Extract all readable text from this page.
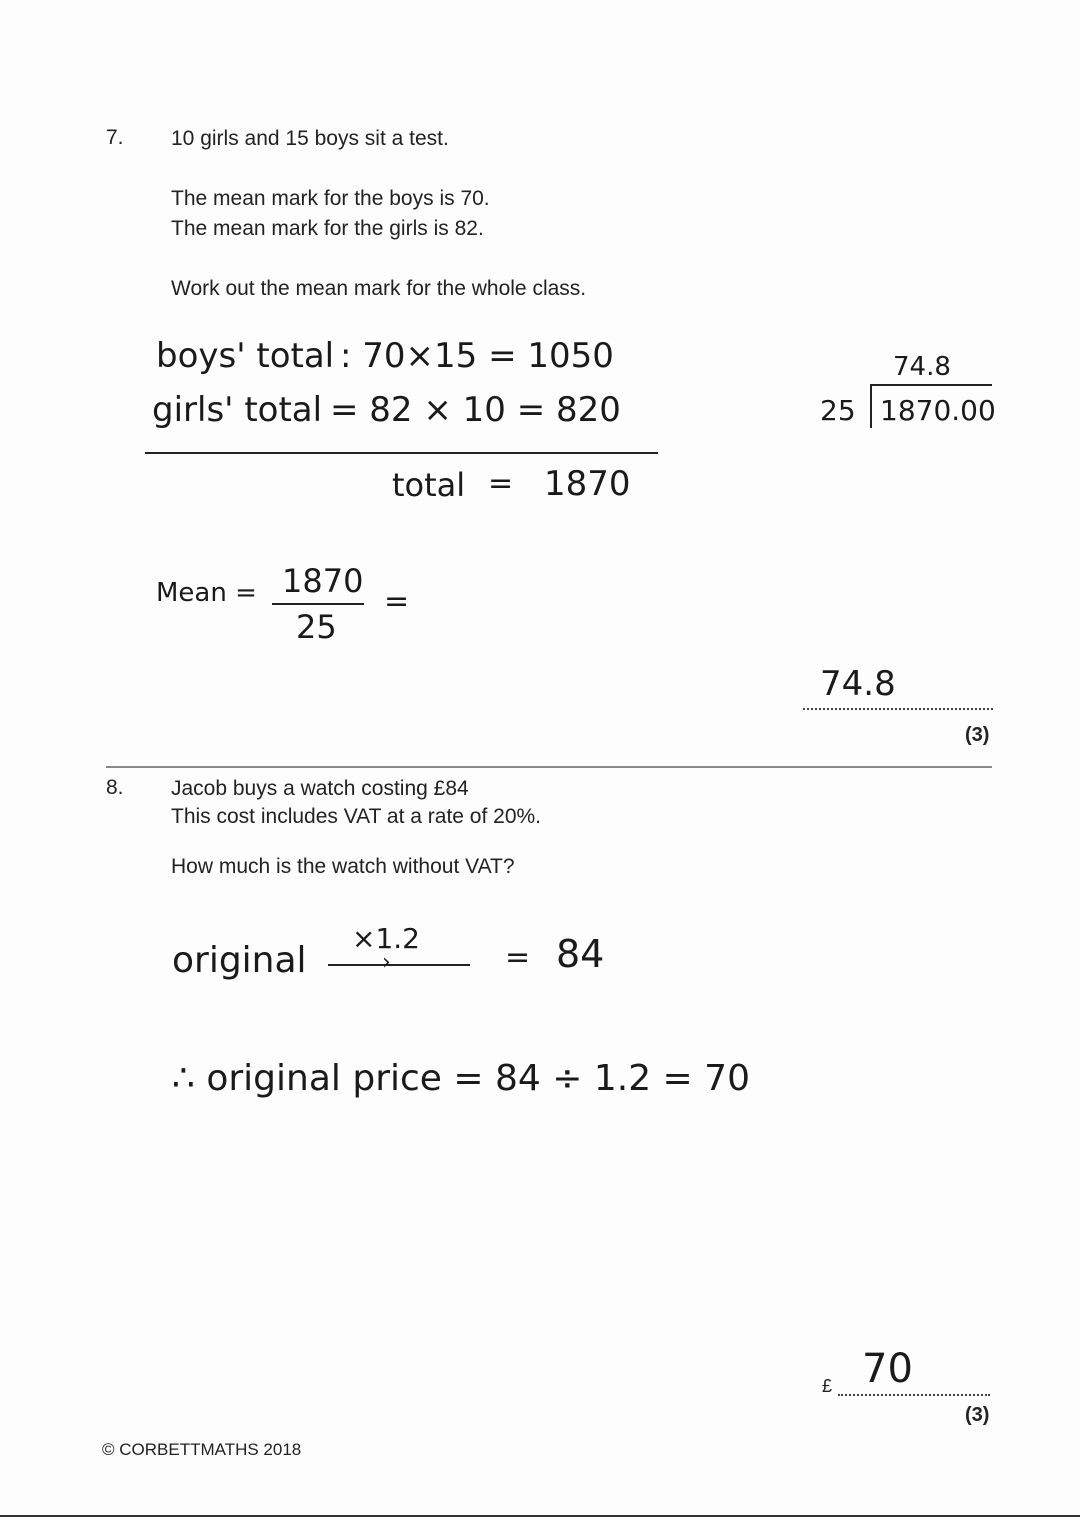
7. 10 girls and 15 boys sit a test.
The mean mark for the boys is 70.
The mean mark for the girls is 82.
Work out the mean mark for the whole class.
boys' total : 70×15 = 1050
girls' total = 82 × 10 = 820
total = 1870
Mean = 1870
25
=
74.8
25 1870.00
74.8
(3)
8. Jacob buys a watch costing £84
This cost includes VAT at a rate of 20%.
How much is the watch without VAT?
original
×1.2
›	= 84
∴ original price = 84 ÷ 1.2 = 70
£ 70
(3)
© CORBETTMATHS 2018
